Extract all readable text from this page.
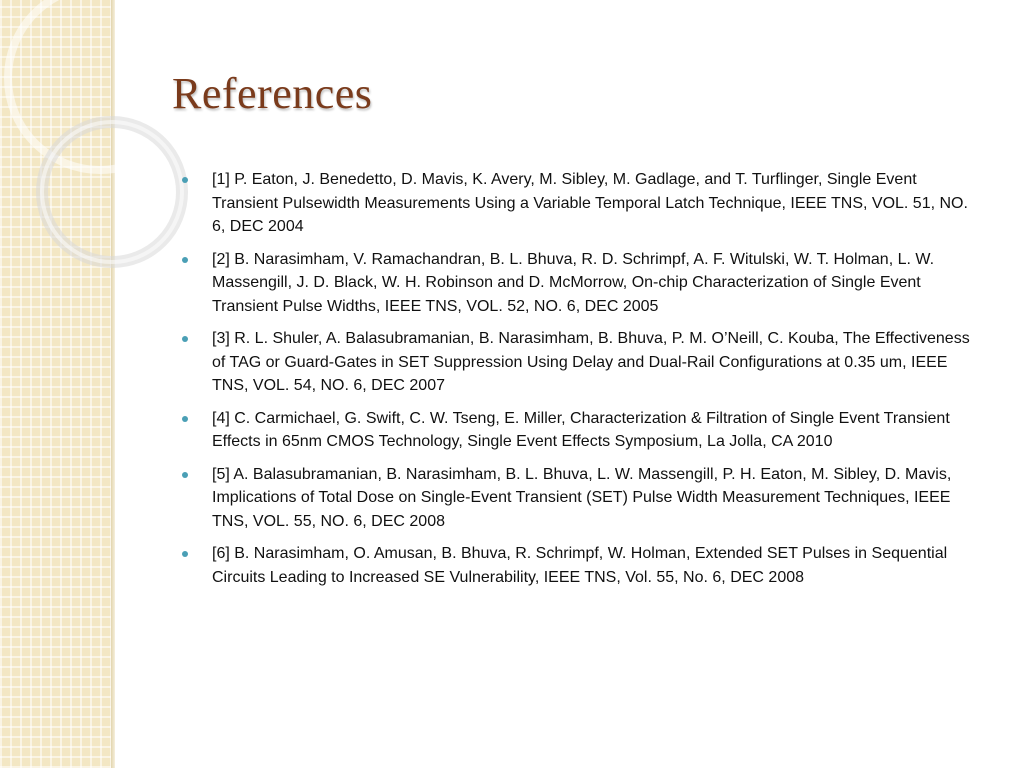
References
[1] P. Eaton, J. Benedetto, D. Mavis, K. Avery, M. Sibley, M. Gadlage, and T. Turflinger, Single Event Transient Pulsewidth Measurements Using a Variable Temporal Latch Technique, IEEE TNS, VOL. 51, NO. 6, DEC 2004
[2] B. Narasimham, V. Ramachandran, B. L. Bhuva, R. D. Schrimpf, A. F. Witulski, W. T. Holman, L. W. Massengill, J. D. Black, W. H. Robinson and D. McMorrow, On-chip Characterization of Single Event Transient Pulse Widths, IEEE TNS, VOL. 52, NO. 6, DEC 2005
[3] R. L. Shuler, A. Balasubramanian, B. Narasimham, B. Bhuva, P. M. O’Neill, C. Kouba, The Effectiveness of TAG or Guard-Gates in SET Suppression Using Delay and Dual-Rail Configurations at 0.35 um, IEEE TNS, VOL. 54, NO. 6, DEC 2007
[4] C. Carmichael, G. Swift, C. W. Tseng, E. Miller, Characterization & Filtration of Single Event Transient Effects in 65nm CMOS Technology, Single Event Effects Symposium, La Jolla, CA 2010
[5] A. Balasubramanian, B. Narasimham, B. L. Bhuva, L. W. Massengill, P. H. Eaton, M. Sibley, D. Mavis, Implications of Total Dose on Single-Event Transient (SET) Pulse Width Measurement Techniques, IEEE TNS, VOL. 55, NO. 6, DEC 2008
[6] B. Narasimham, O. Amusan, B. Bhuva, R. Schrimpf, W. Holman, Extended SET Pulses in Sequential Circuits Leading to Increased SE Vulnerability, IEEE TNS, Vol. 55, No. 6, DEC 2008
